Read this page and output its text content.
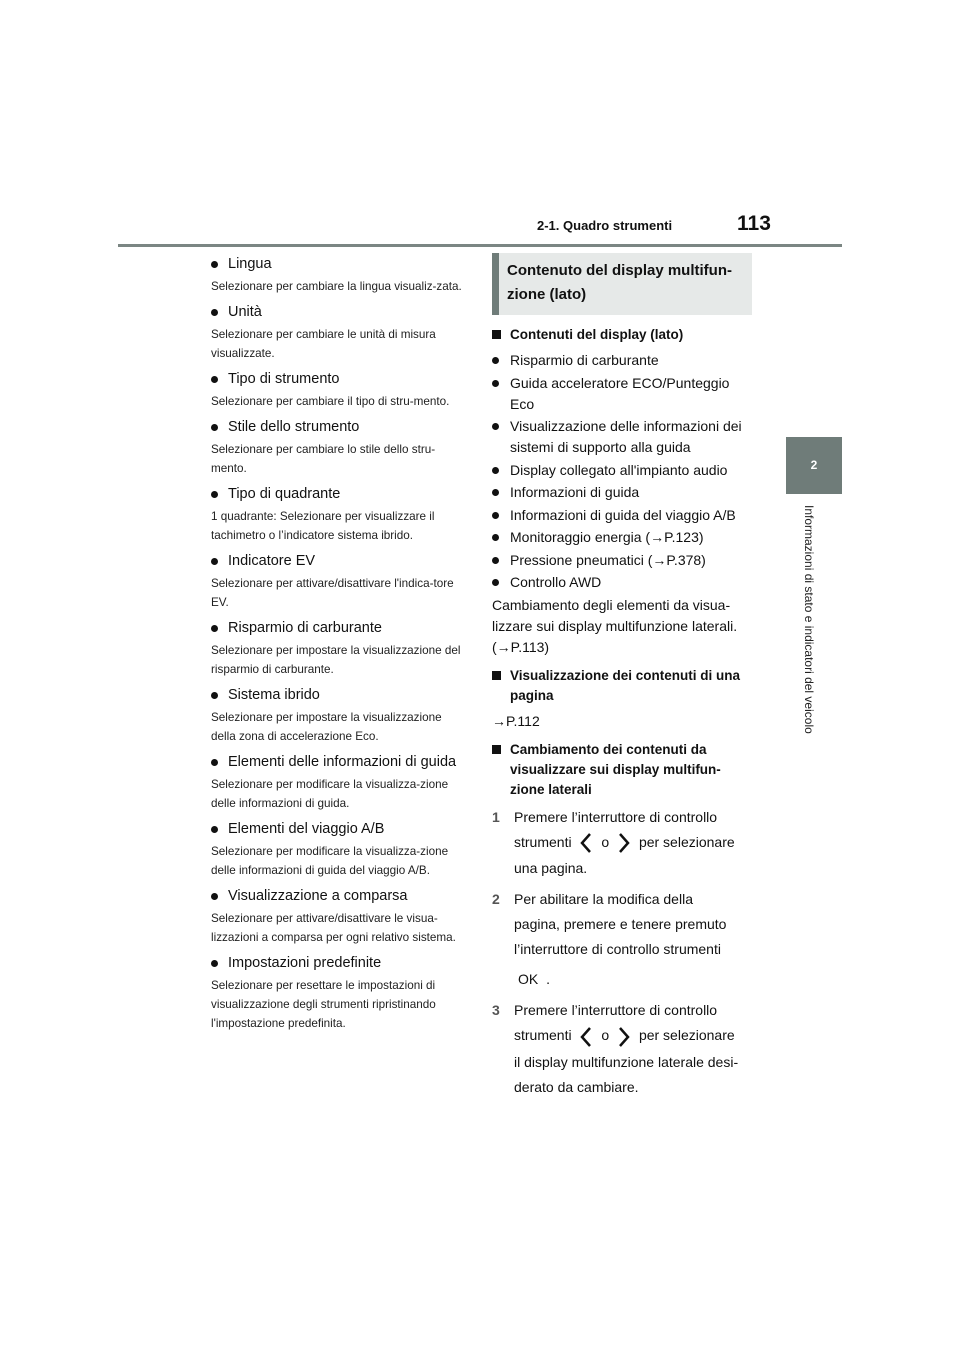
2-1. Quadro strumenti	113
2
Informazioni di stato e indicatori del veicolo
Lingua
Selezionare per cambiare la lingua visualiz-zata.
Unità
Selezionare per cambiare le unità di misura visualizzate.
Tipo di strumento
Selezionare per cambiare il tipo di stru-mento.
Stile dello strumento
Selezionare per cambiare lo stile dello stru-mento.
Tipo di quadrante
1 quadrante: Selezionare per visualizzare il tachimetro o l’indicatore sistema ibrido.
Indicatore EV
Selezionare per attivare/disattivare l'indica-tore EV.
Risparmio di carburante
Selezionare per impostare la visualizzazione del risparmio di carburante.
Sistema ibrido
Selezionare per impostare la visualizzazione della zona di accelerazione Eco.
Elementi delle informazioni di guida
Selezionare per modificare la visualizza-zione delle informazioni di guida.
Elementi del viaggio A/B
Selezionare per modificare la visualizza-zione delle informazioni di guida del viaggio A/B.
Visualizzazione a comparsa
Selezionare per attivare/disattivare le visua-lizzazioni a comparsa per ogni relativo sistema.
Impostazioni predefinite
Selezionare per resettare le impostazioni di visualizzazione degli strumenti ripristinando l'impostazione predefinita.
Contenuto del display multifun-
zione (lato)
Contenuti del display (lato)
Risparmio di carburante
Guida acceleratore ECO/Punteggio Eco
Visualizzazione delle informazioni dei sistemi di supporto alla guida
Display collegato all'impianto audio
Informazioni di guida
Informazioni di guida del viaggio A/B
Monitoraggio energia (→P.123)
Pressione pneumatici (→P.378)
Controllo AWD
Cambiamento degli elementi da visua-lizzare sui display multifunzione laterali. (→P.113)
Visualizzazione dei contenuti di una pagina
→P.112
Cambiamento dei contenuti da visualizzare sui display multifun-zione laterali
1	Premere l’interruttore di controllo
strumenti o per selezionare
una pagina.
2	Per abilitare la modifica della
pagina, premere e tenere premuto
l’interruttore di controllo strumenti
OK .
3	Premere l’interruttore di controllo
strumenti o per selezionare
il display multifunzione laterale desi-
derato da cambiare.
